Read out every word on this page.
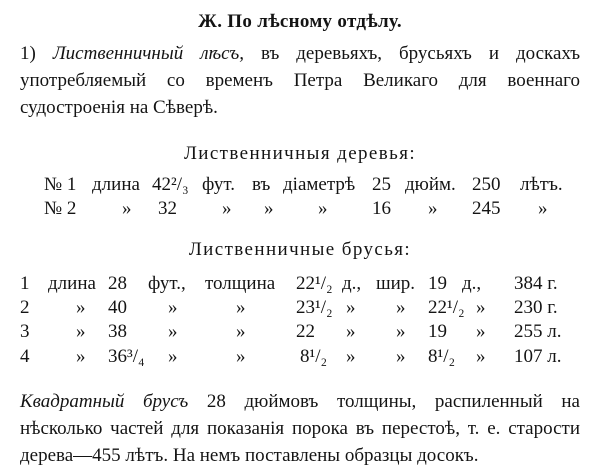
Ж. По лѣсному отдѣлу.
1) Лиственничный лѣсъ, въ деревьяхъ, брусьяхъ и доскахъ употребляемый со временъ Петра Великаго для военнаго судостроенія на Сѣверѣ.
Лиственничныя деревья:
№ 1 длина 42²/₃ фут. въ діаметрѣ 25 дюйм. 250 лѣтъ.
№ 2 » 32 » » » 16 » 245 »
Лиственничные брусья:
1 длина 28 фут., толщина 22¹/₂ д., шир. 19 д., 384 г.
2 » 40 »	»	23¹/₂ » » 22¹/₂ » 230 г.
3 » 38 »	»	22 » » 19 » 255 л.
4 » 36³/₄ »	»	8¹/₂ » » 8¹/₂ » 107 л.
Квадратный брусъ 28 дюймовъ толщины, распиленный на нѣсколько частей для показанія порока въ перестоѣ, т. е. старости дерева—455 лѣтъ. На немъ поставлены образцы досокъ.
